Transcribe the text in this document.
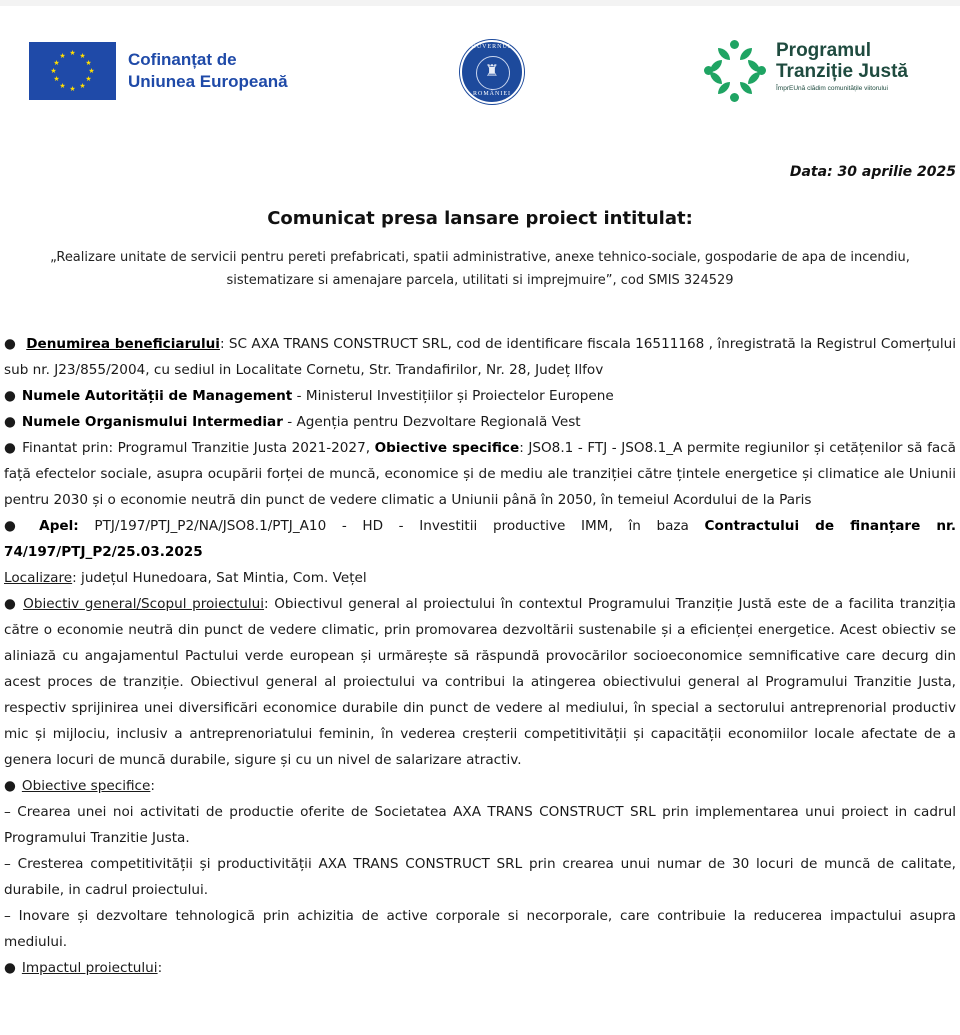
★ ★
★
★
★
★
★
★
★
★
★
★	Cofinanțat de
Uniunea Europeană
GUVERNUL
♜
ROMÂNIEI
Programul
Tranziție Justă
ÎmprEUnă clădim comunitățile viitorului
Data: 30 aprilie 2025
Comunicat presa lansare proiect intitulat:
„Realizare unitate de servicii pentru pereti prefabricati, spatii administrative, anexe tehnico-sociale, gospodarie de apa de incendiu, sistematizare si amenajare parcela, utilitati si imprejmuire”, cod SMIS 324529

● Denumirea beneficiarului: SC AXA TRANS CONSTRUCT SRL, cod de identificare fiscala 16511168 , înregistrată la Registrul Comerțului sub nr. J23/855/2004, cu sediul in Localitate Cornetu, Str. Trandafirilor, Nr. 28, Județ Ilfov

● Numele Autorității de Management - Ministerul Investițiilor și Proiectelor Europene

● Numele Organismului Intermediar - Agenția pentru Dezvoltare Regională Vest

● Finantat prin: Programul Tranzitie Justa 2021-2027, Obiective specifice: JSO8.1 - FTJ - JSO8.1_A permite regiunilor și cetățenilor să facă față efectelor sociale, asupra ocupării forței de muncă, economice și de mediu ale tranziției către țintele energetice și climatice ale Uniunii pentru 2030 și o economie neutră din punct de vedere climatic a Uniunii până în 2050, în temeiul Acordului de la Paris

● Apel: PTJ/197/PTJ_P2/NA/JSO8.1/PTJ_A10 - HD - Investitii productive IMM, în baza Contractului de finanțare nr. 74/197/PTJ_P2/25.03.2025

Localizare: județul Hunedoara, Sat Mintia, Com. Vețel

● Obiectiv general/Scopul proiectului: Obiectivul general al proiectului în contextul Programului Tranziție Justă este de a facilita tranziția către o economie neutră din punct de vedere climatic, prin promovarea dezvoltării sustenabile și a eficienței energetice. Acest obiectiv se aliniază cu angajamentul Pactului verde european și urmărește să răspundă provocărilor socioeconomice semnificative care decurg din acest proces de tranziție. Obiectivul general al proiectului va contribui la atingerea obiectivului general al Programului Tranzitie Justa, respectiv sprijinirea unei diversificări economice durabile din punct de vedere al mediului, în special a sectorului antreprenorial productiv mic și mijlociu, inclusiv a antreprenoriatului feminin, în vederea creșterii competitivității și capacității economiilor locale afectate de a genera locuri de muncă durabile, sigure și cu un nivel de salarizare atractiv.

● Obiective specifice:

– Crearea unei noi activitati de productie oferite de Societatea AXA TRANS CONSTRUCT SRL prin implementarea unui proiect in cadrul Programului Tranzitie Justa.

– Cresterea competitivității și productivității AXA TRANS CONSTRUCT SRL prin crearea unui numar de 30 locuri de muncă de calitate, durabile, in cadrul proiectului.

– Inovare și dezvoltare tehnologică prin achizitia de active corporale si necorporale, care contribuie la reducerea impactului asupra mediului.

● Impactul proiectului:
